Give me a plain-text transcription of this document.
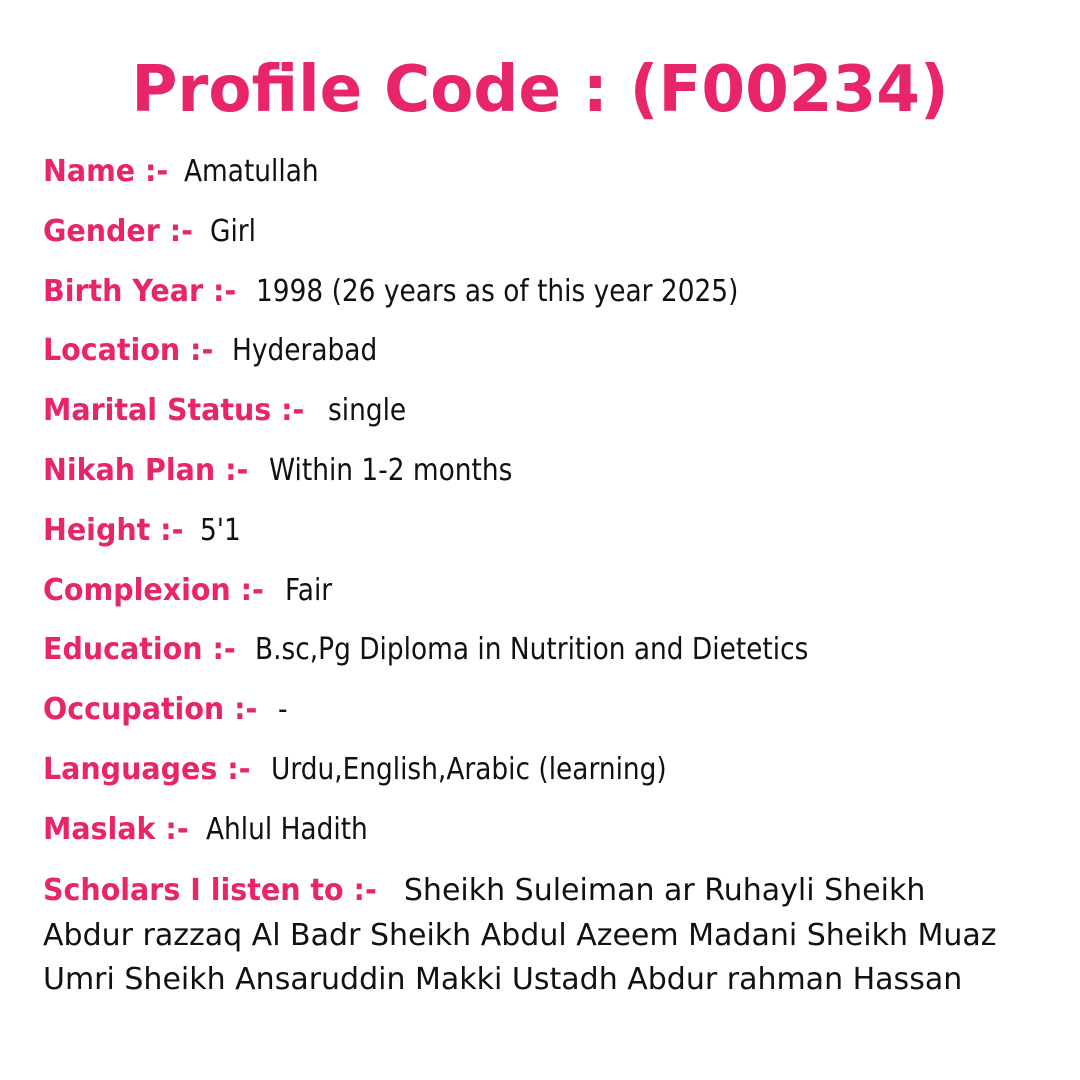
Profile Code : (F00234)
Name :- Amatullah
Gender :- Girl
Birth Year :- 1998 (26 years as of this year 2025)
Location :- Hyderabad
Marital Status :- single
Nikah Plan :- Within 1-2 months
Height :- 5'1
Complexion :- Fair
Education :- B.sc,Pg Diploma in Nutrition and Dietetics
Occupation :- -
Languages :- Urdu,English,Arabic (learning)
Maslak :- Ahlul Hadith
Scholars I listen to :- Sheikh Suleiman ar Ruhayli Sheikh
Abdur razzaq Al Badr Sheikh Abdul Azeem Madani Sheikh Muaz
Umri Sheikh Ansaruddin Makki Ustadh Abdur rahman Hassan
